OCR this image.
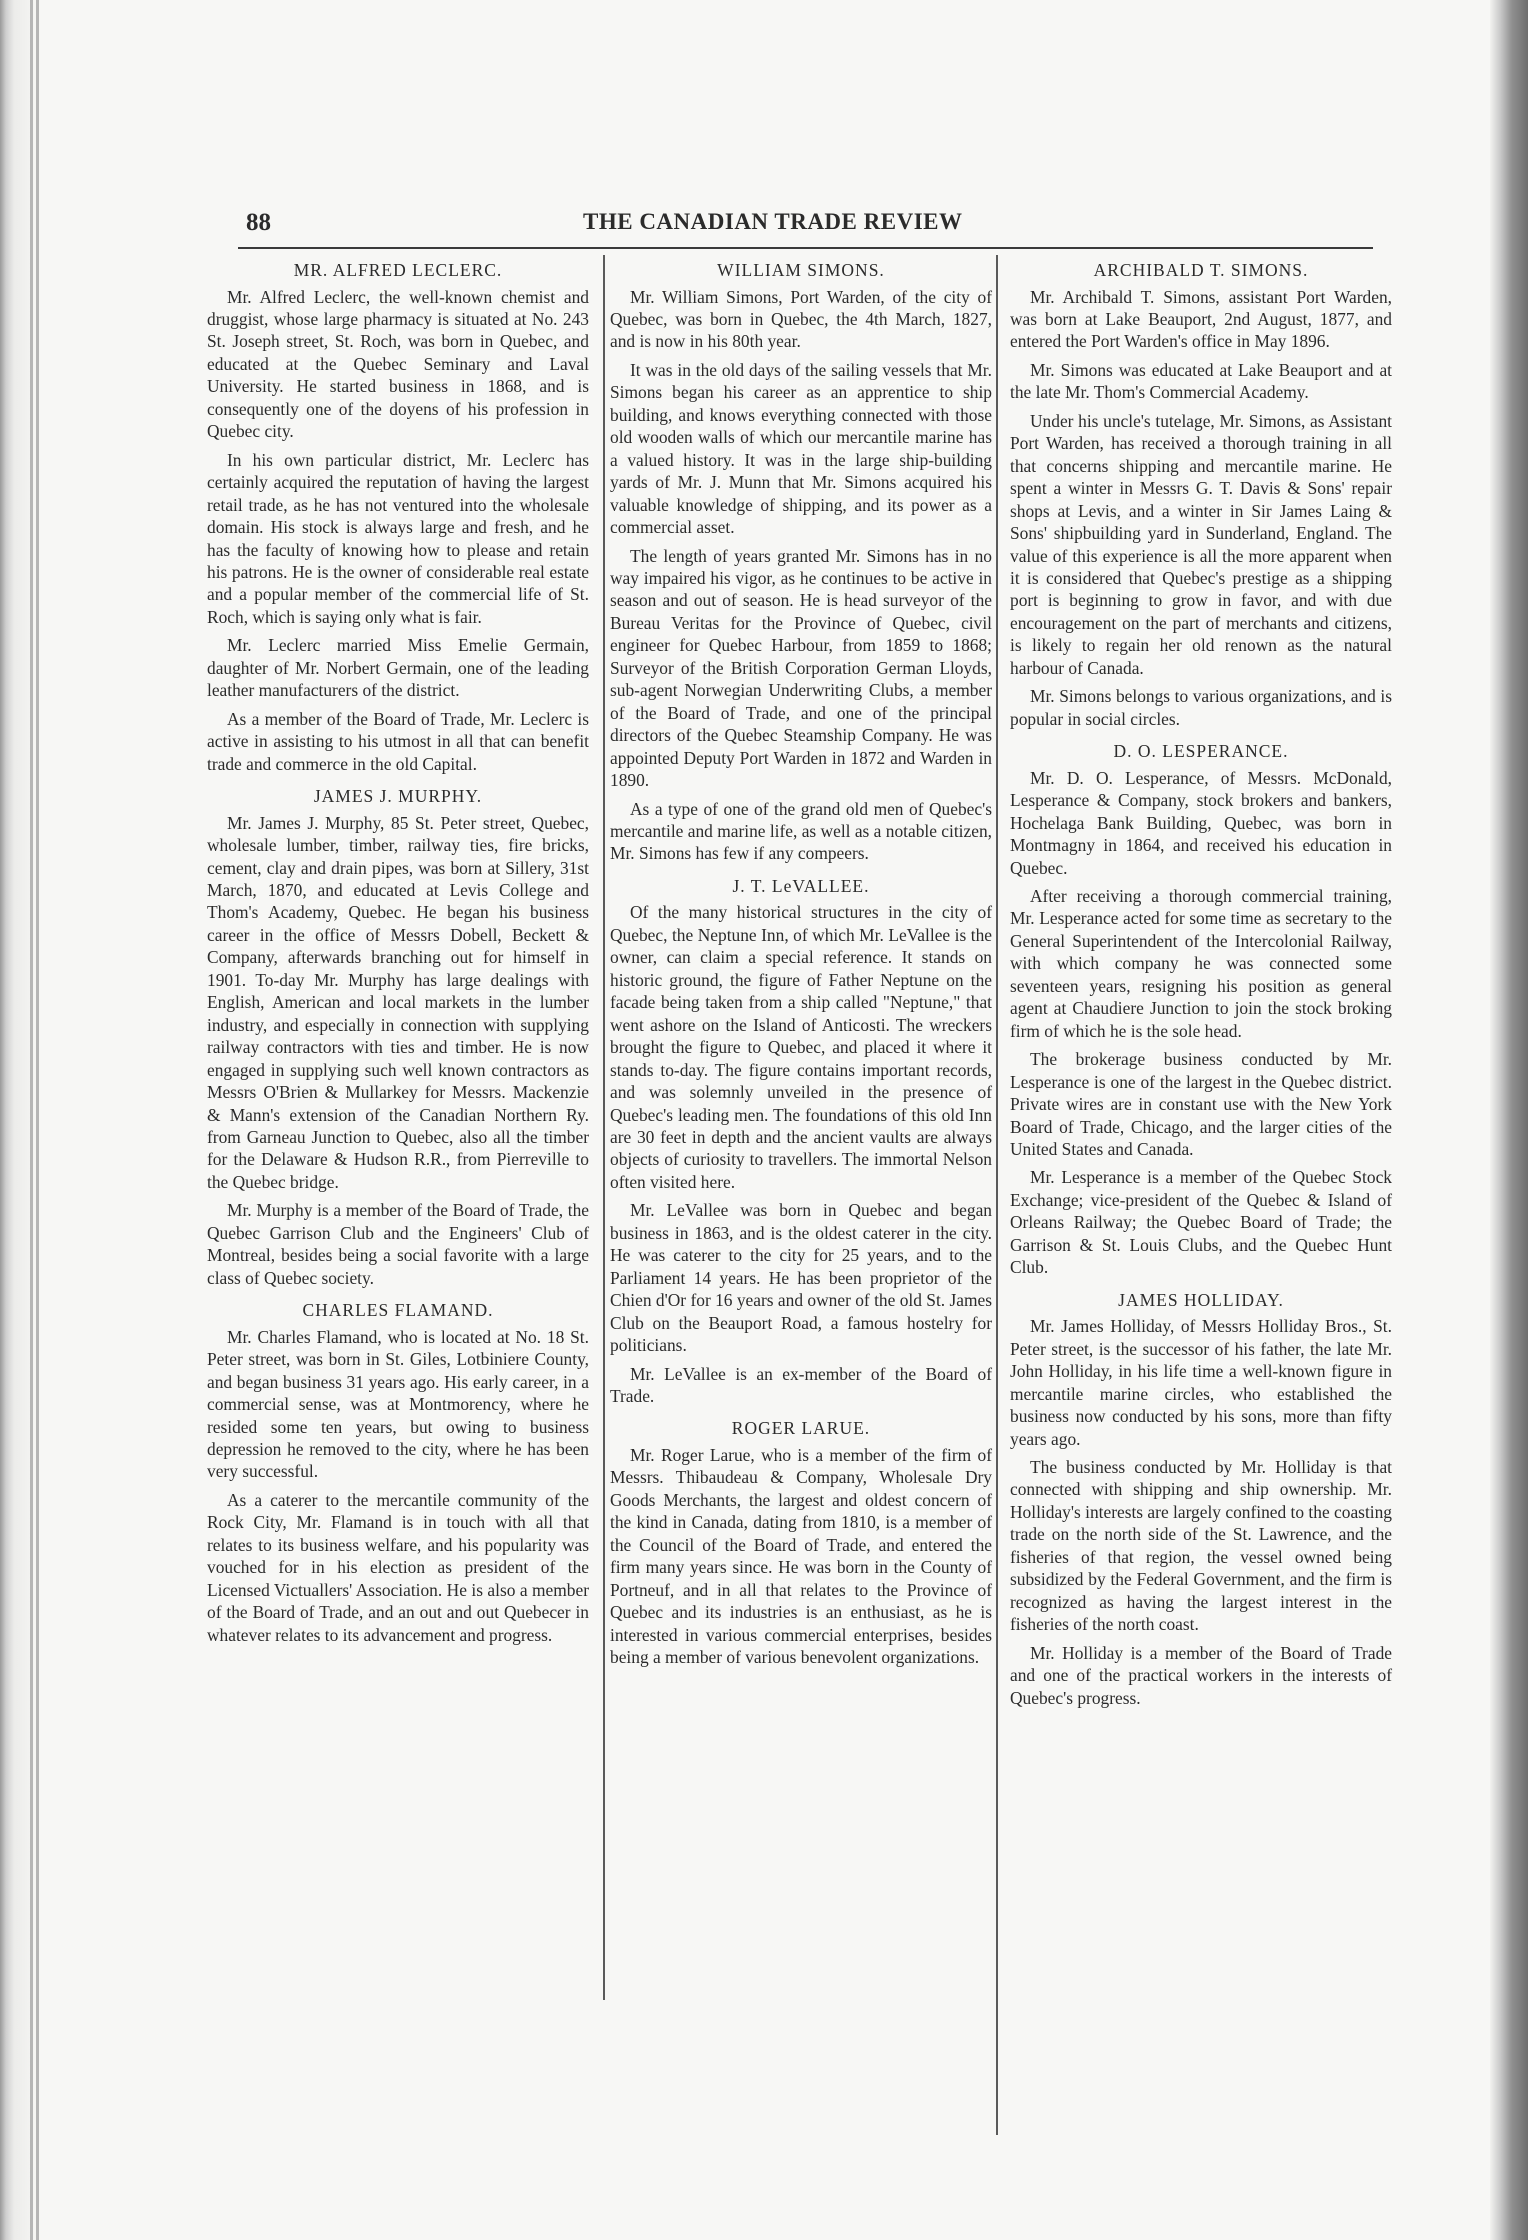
88	THE CANADIAN TRADE REVIEW
MR. ALFRED LECLERC.

Mr. Alfred Leclerc, the well-known chemist and druggist, whose large pharmacy is situated at No. 243 St. Joseph street, St. Roch, was born in Quebec, and educated at the Quebec Seminary and Laval University. He started business in 1868, and is consequently one of the doyens of his profession in Quebec city.

In his own particular district, Mr. Leclerc has certainly acquired the reputation of having the largest retail trade, as he has not ventured into the wholesale domain. His stock is always large and fresh, and he has the faculty of knowing how to please and retain his patrons. He is the owner of considerable real estate and a popular member of the commercial life of St. Roch, which is saying only what is fair.

Mr. Leclerc married Miss Emelie Germain, daughter of Mr. Norbert Germain, one of the leading leather manufacturers of the district.

As a member of the Board of Trade, Mr. Leclerc is active in assisting to his utmost in all that can benefit trade and commerce in the old Capital.

JAMES J. MURPHY.

Mr. James J. Murphy, 85 St. Peter street, Quebec, wholesale lumber, timber, railway ties, fire bricks, cement, clay and drain pipes, was born at Sillery, 31st March, 1870, and educated at Levis College and Thom's Academy, Quebec. He began his business career in the office of Messrs Dobell, Beckett & Company, afterwards branching out for himself in 1901. To-day Mr. Murphy has large dealings with English, American and local markets in the lumber industry, and especially in connection with supplying railway contractors with ties and timber. He is now engaged in supplying such well known contractors as Messrs O'Brien & Mullarkey for Messrs. Mackenzie & Mann's extension of the Canadian Northern Ry. from Garneau Junction to Quebec, also all the timber for the Delaware & Hudson R.R., from Pierreville to the Quebec bridge.

Mr. Murphy is a member of the Board of Trade, the Quebec Garrison Club and the Engineers' Club of Montreal, besides being a social favorite with a large class of Quebec society.

CHARLES FLAMAND.

Mr. Charles Flamand, who is located at No. 18 St. Peter street, was born in St. Giles, Lotbiniere County, and began business 31 years ago. His early career, in a commercial sense, was at Montmorency, where he resided some ten years, but owing to business depression he removed to the city, where he has been very successful.

As a caterer to the mercantile community of the Rock City, Mr. Flamand is in touch with all that relates to its business welfare, and his popularity was vouched for in his election as president of the Licensed Victuallers' Association. He is also a member of the Board of Trade, and an out and out Quebecer in whatever relates to its advancement and progress.

WILLIAM SIMONS.

Mr. William Simons, Port Warden, of the city of Quebec, was born in Quebec, the 4th March, 1827, and is now in his 80th year.

It was in the old days of the sailing vessels that Mr. Simons began his career as an apprentice to ship building, and knows everything connected with those old wooden walls of which our mercantile marine has a valued history. It was in the large ship-building yards of Mr. J. Munn that Mr. Simons acquired his valuable knowledge of shipping, and its power as a commercial asset.

The length of years granted Mr. Simons has in no way impaired his vigor, as he continues to be active in season and out of season. He is head surveyor of the Bureau Veritas for the Province of Quebec, civil engineer for Quebec Harbour, from 1859 to 1868; Surveyor of the British Corporation German Lloyds, sub-agent Norwegian Underwriting Clubs, a member of the Board of Trade, and one of the principal directors of the Quebec Steamship Company. He was appointed Deputy Port Warden in 1872 and Warden in 1890.

As a type of one of the grand old men of Quebec's mercantile and marine life, as well as a notable citizen, Mr. Simons has few if any compeers.

J. T. LeVALLEE.

Of the many historical structures in the city of Quebec, the Neptune Inn, of which Mr. LeVallee is the owner, can claim a special reference. It stands on historic ground, the figure of Father Neptune on the facade being taken from a ship called "Neptune," that went ashore on the Island of Anticosti. The wreckers brought the figure to Quebec, and placed it where it stands to-day. The figure contains important records, and was solemnly unveiled in the presence of Quebec's leading men. The foundations of this old Inn are 30 feet in depth and the ancient vaults are always objects of curiosity to travellers. The immortal Nelson often visited here.

Mr. LeVallee was born in Quebec and began business in 1863, and is the oldest caterer in the city. He was caterer to the city for 25 years, and to the Parliament 14 years. He has been proprietor of the Chien d'Or for 16 years and owner of the old St. James Club on the Beauport Road, a famous hostelry for politicians.

Mr. LeVallee is an ex-member of the Board of Trade.

ROGER LARUE.

Mr. Roger Larue, who is a member of the firm of Messrs. Thibaudeau & Company, Wholesale Dry Goods Merchants, the largest and oldest concern of the kind in Canada, dating from 1810, is a member of the Council of the Board of Trade, and entered the firm many years since. He was born in the County of Portneuf, and in all that relates to the Province of Quebec and its industries is an enthusiast, as he is interested in various commercial enterprises, besides being a member of various benevolent organizations.

ARCHIBALD T. SIMONS.

Mr. Archibald T. Simons, assistant Port Warden, was born at Lake Beauport, 2nd August, 1877, and entered the Port Warden's office in May 1896.

Mr. Simons was educated at Lake Beauport and at the late Mr. Thom's Commercial Academy.

Under his uncle's tutelage, Mr. Simons, as Assistant Port Warden, has received a thorough training in all that concerns shipping and mercantile marine. He spent a winter in Messrs G. T. Davis & Sons' repair shops at Levis, and a winter in Sir James Laing & Sons' shipbuilding yard in Sunderland, England. The value of this experience is all the more apparent when it is considered that Quebec's prestige as a shipping port is beginning to grow in favor, and with due encouragement on the part of merchants and citizens, is likely to regain her old renown as the natural harbour of Canada.

Mr. Simons belongs to various organizations, and is popular in social circles.

D. O. LESPERANCE.

Mr. D. O. Lesperance, of Messrs. McDonald, Lesperance & Company, stock brokers and bankers, Hochelaga Bank Building, Quebec, was born in Montmagny in 1864, and received his education in Quebec.

After receiving a thorough commercial training, Mr. Lesperance acted for some time as secretary to the General Superintendent of the Intercolonial Railway, with which company he was connected some seventeen years, resigning his position as general agent at Chaudiere Junction to join the stock broking firm of which he is the sole head.

The brokerage business conducted by Mr. Lesperance is one of the largest in the Quebec district. Private wires are in constant use with the New York Board of Trade, Chicago, and the larger cities of the United States and Canada.

Mr. Lesperance is a member of the Quebec Stock Exchange; vice-president of the Quebec & Island of Orleans Railway; the Quebec Board of Trade; the Garrison & St. Louis Clubs, and the Quebec Hunt Club.

JAMES HOLLIDAY.

Mr. James Holliday, of Messrs Holliday Bros., St. Peter street, is the successor of his father, the late Mr. John Holliday, in his life time a well-known figure in mercantile marine circles, who established the business now conducted by his sons, more than fifty years ago.

The business conducted by Mr. Holliday is that connected with shipping and ship ownership. Mr. Holliday's interests are largely confined to the coasting trade on the north side of the St. Lawrence, and the fisheries of that region, the vessel owned being subsidized by the Federal Government, and the firm is recognized as having the largest interest in the fisheries of the north coast.

Mr. Holliday is a member of the Board of Trade and one of the practical workers in the interests of Quebec's progress.
